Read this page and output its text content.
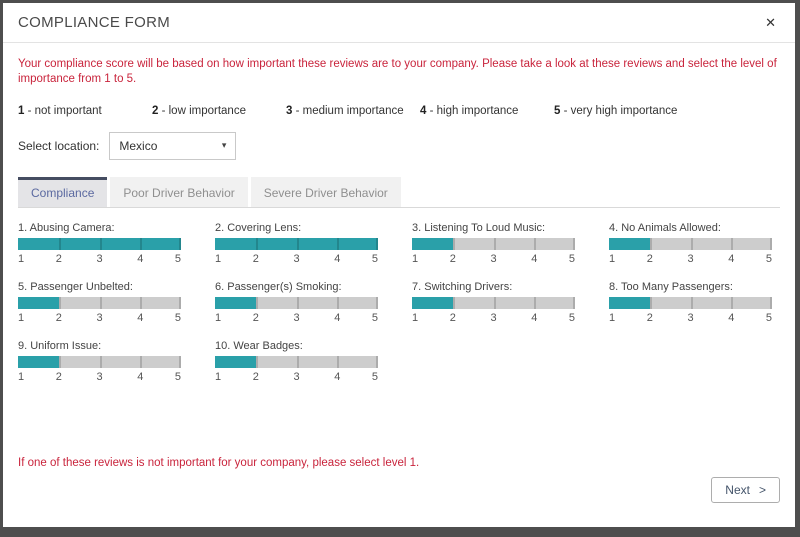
COMPLIANCE FORM	✕
Your compliance score will be based on how important these reviews are to your company. Please take a look at these reviews and select the level of importance from 1 to 5.
1 - not important	2 - low importance	3 - medium importance	4 - high importance	5 - very high importance
Select location: Mexico	▾
Compliance	Poor Driver Behavior	Severe Driver Behavior
1. Abusing Camera:
1	2	3	4	5
2. Covering Lens:
1	2	3	4	5
3. Listening To Loud Music:
1	2	3	4	5
4. No Animals Allowed:
1	2	3	4	5
5. Passenger Unbelted:
1	2	3	4	5
6. Passenger(s) Smoking:
1	2	3	4	5
7. Switching Drivers:
1	2	3	4	5
8. Too Many Passengers:
1	2	3	4	5
9. Uniform Issue:
1	2	3	4	5
10. Wear Badges:
1	2	3	4	5
If one of these reviews is not important for your company, please select level 1.
Next >
